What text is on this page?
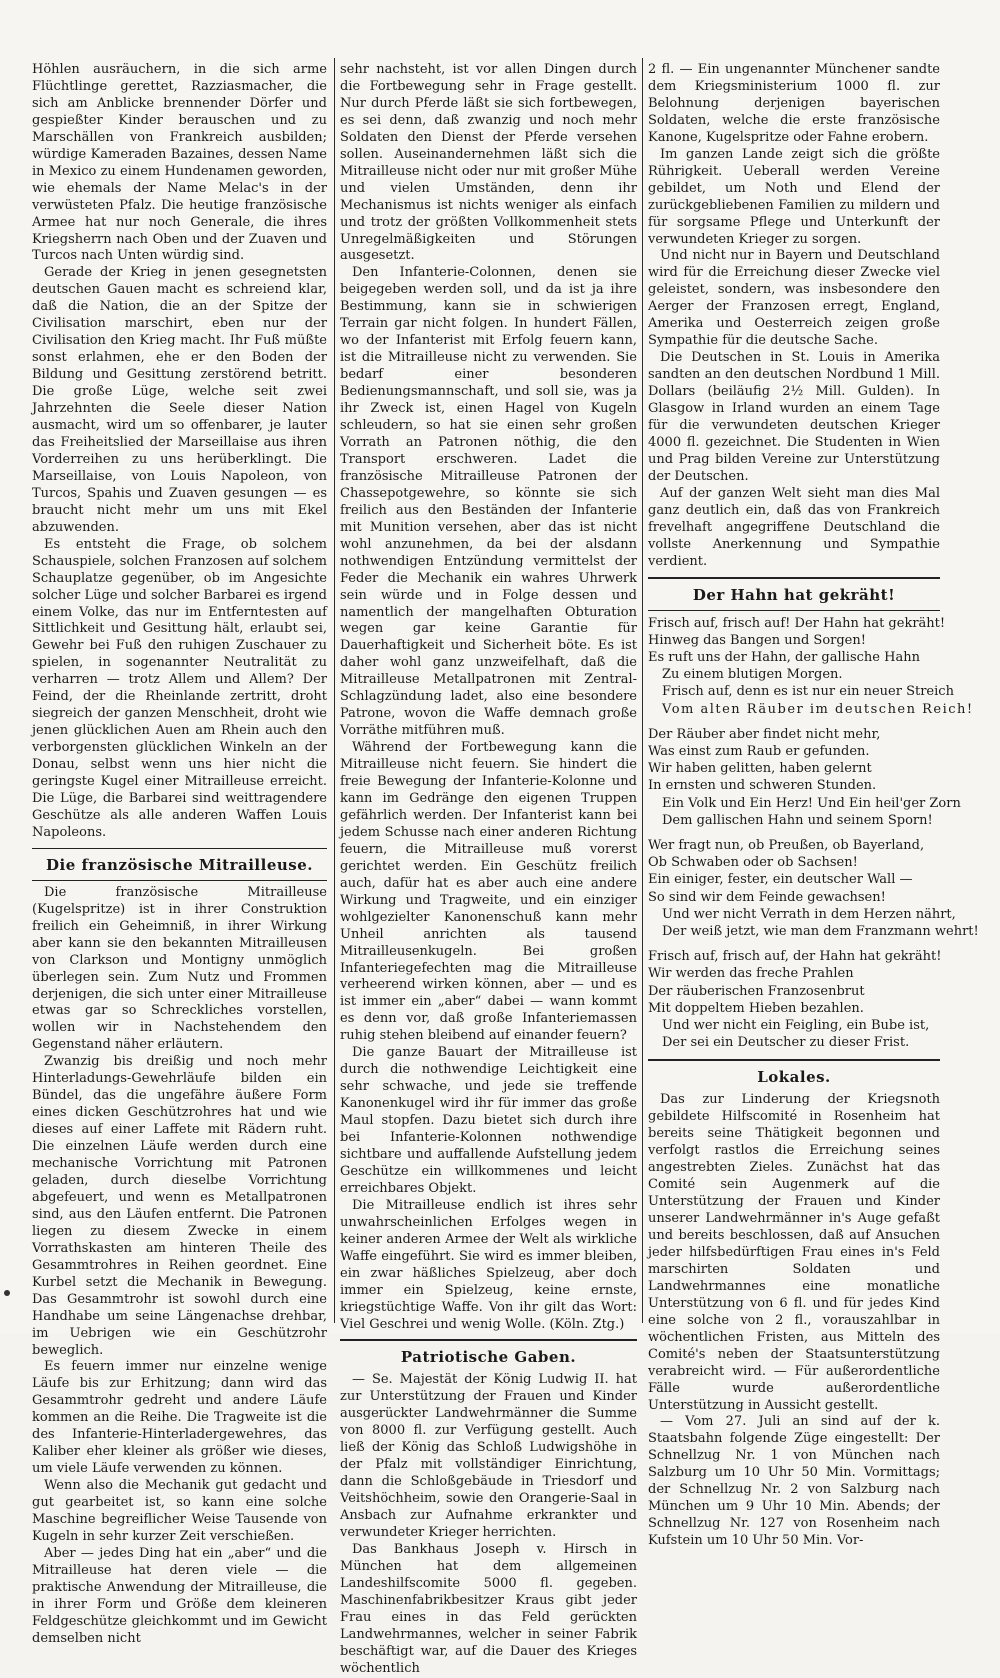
Höhlen ausräuchern, in die sich arme Flüchtlinge gerettet, Razziasmacher, die sich am Anblicke brennender Dörfer und gespießter Kinder berauschen und zu Marschällen von Frankreich ausbilden; würdige Kameraden Bazaines, dessen Name in Mexico zu einem Hundenamen geworden, wie ehemals der Name Melac's in der verwüsteten Pfalz. Die heutige französische Armee hat nur noch Generale, die ihres Kriegsherrn nach Oben und der Zuaven und Turcos nach Unten würdig sind.

Gerade der Krieg in jenen gesegnetsten deutschen Gauen macht es schreiend klar, daß die Nation, die an der Spitze der Civilisation marschirt, eben nur der Civilisation den Krieg macht. Ihr Fuß müßte sonst erlahmen, ehe er den Boden der Bildung und Gesittung zerstörend betritt. Die große Lüge, welche seit zwei Jahrzehnten die Seele dieser Nation ausmacht, wird um so offenbarer, je lauter das Freiheitslied der Marseillaise aus ihren Vorderreihen zu uns herüberklingt. Die Marseillaise, von Louis Napoleon, von Turcos, Spahis und Zuaven gesungen — es braucht nicht mehr um uns mit Ekel abzuwenden.

Es entsteht die Frage, ob solchem Schauspiele, solchen Franzosen auf solchem Schauplatze gegenüber, ob im Angesichte solcher Lüge und solcher Barbarei es irgend einem Volke, das nur im Entferntesten auf Sittlichkeit und Gesittung hält, erlaubt sei, Gewehr bei Fuß den ruhigen Zuschauer zu spielen, in sogenannter Neutralität zu verharren — trotz Allem und Allem? Der Feind, der die Rheinlande zertritt, droht siegreich der ganzen Menschheit, droht wie jenen glücklichen Auen am Rhein auch den verborgensten glücklichen Winkeln an der Donau, selbst wenn uns hier nicht die geringste Kugel einer Mitrailleuse erreicht. Die Lüge, die Barbarei sind weittragendere Geschütze als alle anderen Waffen Louis Napoleons.

Die französische Mitrailleuse.

Die französische Mitrailleuse (Kugelspritze) ist in ihrer Construktion freilich ein Geheimniß, in ihrer Wirkung aber kann sie den bekannten Mitrailleusen von Clarkson und Montigny unmöglich überlegen sein. Zum Nutz und Frommen derjenigen, die sich unter einer Mitrailleuse etwas gar so Schreckliches vorstellen, wollen wir in Nachstehendem den Gegenstand näher erläutern.

Zwanzig bis dreißig und noch mehr Hinterladungs-Gewehrläufe bilden ein Bündel, das die ungefähre äußere Form eines dicken Geschützrohres hat und wie dieses auf einer Laffete mit Rädern ruht. Die einzelnen Läufe werden durch eine mechanische Vorrichtung mit Patronen geladen, durch dieselbe Vorrichtung abgefeuert, und wenn es Metallpatronen sind, aus den Läufen entfernt. Die Patronen liegen zu diesem Zwecke in einem Vorrathskasten am hinteren Theile des Gesammtrohres in Reihen geordnet. Eine Kurbel setzt die Mechanik in Bewegung. Das Gesammtrohr ist sowohl durch eine Handhabe um seine Längenachse drehbar, im Uebrigen wie ein Geschützrohr beweglich.

Es feuern immer nur einzelne wenige Läufe bis zur Erhitzung; dann wird das Gesammtrohr gedreht und andere Läufe kommen an die Reihe. Die Tragweite ist die des Infanterie-Hinterladergewehres, das Kaliber eher kleiner als größer wie dieses, um viele Läufe verwenden zu können.

Wenn also die Mechanik gut gedacht und gut gearbeitet ist, so kann eine solche Maschine begreiflicher Weise Tausende von Kugeln in sehr kurzer Zeit verschießen.

Aber — jedes Ding hat ein „aber“ und die Mitrailleuse hat deren viele — die praktische Anwendung der Mitrailleuse, die in ihrer Form und Größe dem kleineren Feldgeschütze gleichkommt und im Gewicht demselben nicht

sehr nachsteht, ist vor allen Dingen durch die Fortbewegung sehr in Frage gestellt. Nur durch Pferde läßt sie sich fortbewegen, es sei denn, daß zwanzig und noch mehr Soldaten den Dienst der Pferde versehen sollen. Auseinandernehmen läßt sich die Mitrailleuse nicht oder nur mit großer Mühe und vielen Umständen, denn ihr Mechanismus ist nichts weniger als einfach und trotz der größten Vollkommenheit stets Unregelmäßigkeiten und Störungen ausgesetzt.

Den Infanterie-Colonnen, denen sie beigegeben werden soll, und da ist ja ihre Bestimmung, kann sie in schwierigen Terrain gar nicht folgen. In hundert Fällen, wo der Infanterist mit Erfolg feuern kann, ist die Mitrailleuse nicht zu verwenden. Sie bedarf einer besonderen Bedienungsmannschaft, und soll sie, was ja ihr Zweck ist, einen Hagel von Kugeln schleudern, so hat sie einen sehr großen Vorrath an Patronen nöthig, die den Transport erschweren. Ladet die französische Mitrailleuse Patronen der Chassepotgewehre, so könnte sie sich freilich aus den Beständen der Infanterie mit Munition versehen, aber das ist nicht wohl anzunehmen, da bei der alsdann nothwendigen Entzündung vermittelst der Feder die Mechanik ein wahres Uhrwerk sein würde und in Folge dessen und namentlich der mangelhaften Obturation wegen gar keine Garantie für Dauerhaftigkeit und Sicherheit böte. Es ist daher wohl ganz unzweifelhaft, daß die Mitrailleuse Metallpatronen mit Zentral-Schlagzündung ladet, also eine besondere Patrone, wovon die Waffe demnach große Vorräthe mitführen muß.

Während der Fortbewegung kann die Mitrailleuse nicht feuern. Sie hindert die freie Bewegung der Infanterie-Kolonne und kann im Gedränge den eigenen Truppen gefährlich werden. Der Infanterist kann bei jedem Schusse nach einer anderen Richtung feuern, die Mitrailleuse muß vorerst gerichtet werden. Ein Geschütz freilich auch, dafür hat es aber auch eine andere Wirkung und Tragweite, und ein einziger wohlgezielter Kanonenschuß kann mehr Unheil anrichten als tausend Mitrailleusenkugeln. Bei großen Infanteriegefechten mag die Mitrailleuse verheerend wirken können, aber — und es ist immer ein „aber“ dabei — wann kommt es denn vor, daß große Infanteriemassen ruhig stehen bleibend auf einander feuern?

Die ganze Bauart der Mitrailleuse ist durch die nothwendige Leichtigkeit eine sehr schwache, und jede sie treffende Kanonenkugel wird ihr für immer das große Maul stopfen. Dazu bietet sich durch ihre bei Infanterie-Kolonnen nothwendige sichtbare und auffallende Aufstellung jedem Geschütze ein willkommenes und leicht erreichbares Objekt.

Die Mitrailleuse endlich ist ihres sehr unwahrscheinlichen Erfolges wegen in keiner anderen Armee der Welt als wirkliche Waffe eingeführt. Sie wird es immer bleiben, ein zwar häßliches Spielzeug, aber doch immer ein Spielzeug, keine ernste, kriegstüchtige Waffe. Von ihr gilt das Wort: Viel Geschrei und wenig Wolle. (Köln. Ztg.)

Patriotische Gaben.

— Se. Majestät der König Ludwig II. hat zur Unterstützung der Frauen und Kinder ausgerückter Landwehrmänner die Summe von 8000 fl. zur Verfügung gestellt. Auch ließ der König das Schloß Ludwigshöhe in der Pfalz mit vollständiger Einrichtung, dann die Schloßgebäude in Triesdorf und Veitshöchheim, sowie den Orangerie-Saal in Ansbach zur Aufnahme erkrankter und verwundeter Krieger herrichten.

Das Bankhaus Joseph v. Hirsch in München hat dem allgemeinen Landeshilfscomite 5000 fl. gegeben. Maschinenfabrikbesitzer Kraus gibt jeder Frau eines in das Feld gerückten Landwehrmannes, welcher in seiner Fabrik beschäftigt war, auf die Dauer des Krieges wöchentlich

2 fl. — Ein ungenannter Münchener sandte dem Kriegsministerium 1000 fl. zur Belohnung derjenigen bayerischen Soldaten, welche die erste französische Kanone, Kugelspritze oder Fahne erobern.

Im ganzen Lande zeigt sich die größte Rührigkeit. Ueberall werden Vereine gebildet, um Noth und Elend der zurückgebliebenen Familien zu mildern und für sorgsame Pflege und Unterkunft der verwundeten Krieger zu sorgen.

Und nicht nur in Bayern und Deutschland wird für die Erreichung dieser Zwecke viel geleistet, sondern, was insbesondere den Aerger der Franzosen erregt, England, Amerika und Oesterreich zeigen große Sympathie für die deutsche Sache.

Die Deutschen in St. Louis in Amerika sandten an den deutschen Nordbund 1 Mill. Dollars (beiläufig 2½ Mill. Gulden). In Glasgow in Irland wurden an einem Tage für die verwundeten deutschen Krieger 4000 fl. gezeichnet. Die Studenten in Wien und Prag bilden Vereine zur Unterstützung der Deutschen.

Auf der ganzen Welt sieht man dies Mal ganz deutlich ein, daß das von Frankreich frevelhaft angegriffene Deutschland die vollste Anerkennung und Sympathie verdient.

Der Hahn hat gekräht!
Frisch auf, frisch auf! Der Hahn hat gekräht!
Hinweg das Bangen und Sorgen!
Es ruft uns der Hahn, der gallische Hahn
Zu einem blutigen Morgen.
Frisch auf, denn es ist nur ein neuer Streich
Vom alten Räuber im deutschen Reich!
Der Räuber aber findet nicht mehr,
Was einst zum Raub er gefunden.
Wir haben gelitten, haben gelernt
In ernsten und schweren Stunden.
Ein Volk und Ein Herz! Und Ein heil'ger Zorn
Dem gallischen Hahn und seinem Sporn!
Wer fragt nun, ob Preußen, ob Bayerland,
Ob Schwaben oder ob Sachsen!
Ein einiger, fester, ein deutscher Wall —
So sind wir dem Feinde gewachsen!
Und wer nicht Verrath in dem Herzen nährt,
Der weiß jetzt, wie man dem Franzmann wehrt!
Frisch auf, frisch auf, der Hahn hat gekräht!
Wir werden das freche Prahlen
Der räuberischen Franzosenbrut
Mit doppeltem Hieben bezahlen.
Und wer nicht ein Feigling, ein Bube ist,
Der sei ein Deutscher zu dieser Frist.
Lokales.

Das zur Linderung der Kriegsnoth gebildete Hilfscomité in Rosenheim hat bereits seine Thätigkeit begonnen und verfolgt rastlos die Erreichung seines angestrebten Zieles. Zunächst hat das Comité sein Augenmerk auf die Unterstützung der Frauen und Kinder unserer Landwehrmänner in's Auge gefaßt und bereits beschlossen, daß auf Ansuchen jeder hilfsbedürftigen Frau eines in's Feld marschirten Soldaten und Landwehrmannes eine monatliche Unterstützung von 6 fl. und für jedes Kind eine solche von 2 fl., vorauszahlbar in wöchentlichen Fristen, aus Mitteln des Comité's neben der Staatsunterstützung verabreicht wird. — Für außerordentliche Fälle wurde außerordentliche Unterstützung in Aussicht gestellt.

— Vom 27. Juli an sind auf der k. Staatsbahn folgende Züge eingestellt: Der Schnellzug Nr. 1 von München nach Salzburg um 10 Uhr 50 Min. Vormittags; der Schnellzug Nr. 2 von Salzburg nach München um 9 Uhr 10 Min. Abends; der Schnellzug Nr. 127 von Rosenheim nach Kufstein um 10 Uhr 50 Min. Vor-
